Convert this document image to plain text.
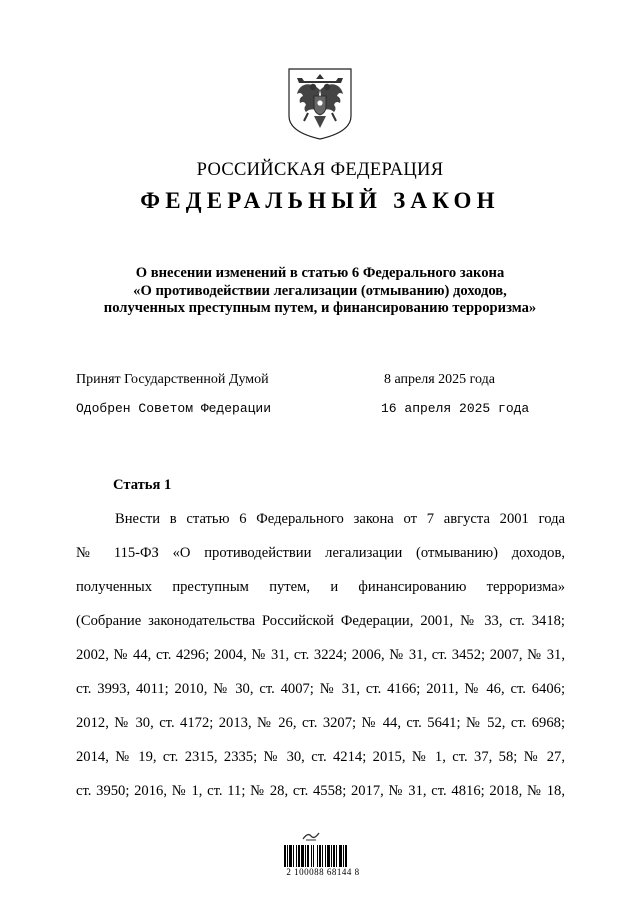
РОССИЙСКАЯ ФЕДЕРАЦИЯ
ФЕДЕРАЛЬНЫЙ ЗАКОН
О внесении изменений в статью 6 Федерального закона
«О противодействии легализации (отмыванию) доходов,
полученных преступным путем, и финансированию терроризма»
Принят Государственной Думой	8 апреля 2025 года
Одобрен Советом Федерации	16 апреля 2025 года
Статья 1
Внести в статью 6 Федерального закона от 7 августа 2001 года
№ 115-ФЗ «О противодействии легализации (отмыванию) доходов,
полученных преступным путем, и финансированию терроризма»
(Собрание законодательства Российской Федерации, 2001, № 33, ст. 3418;
2002, № 44, ст. 4296; 2004, № 31, ст. 3224; 2006, № 31, ст. 3452; 2007, № 31,
ст. 3993, 4011; 2010, № 30, ст. 4007; № 31, ст. 4166; 2011, № 46, ст. 6406;
2012, № 30, ст. 4172; 2013, № 26, ст. 3207; № 44, ст. 5641; № 52, ст. 6968;
2014, № 19, ст. 2315, 2335; № 30, ст. 4214; 2015, № 1, ст. 37, 58; № 27,
ст. 3950; 2016, № 1, ст. 11; № 28, ст. 4558; 2017, № 31, ст. 4816; 2018, № 18,
2 100088 68144 8
